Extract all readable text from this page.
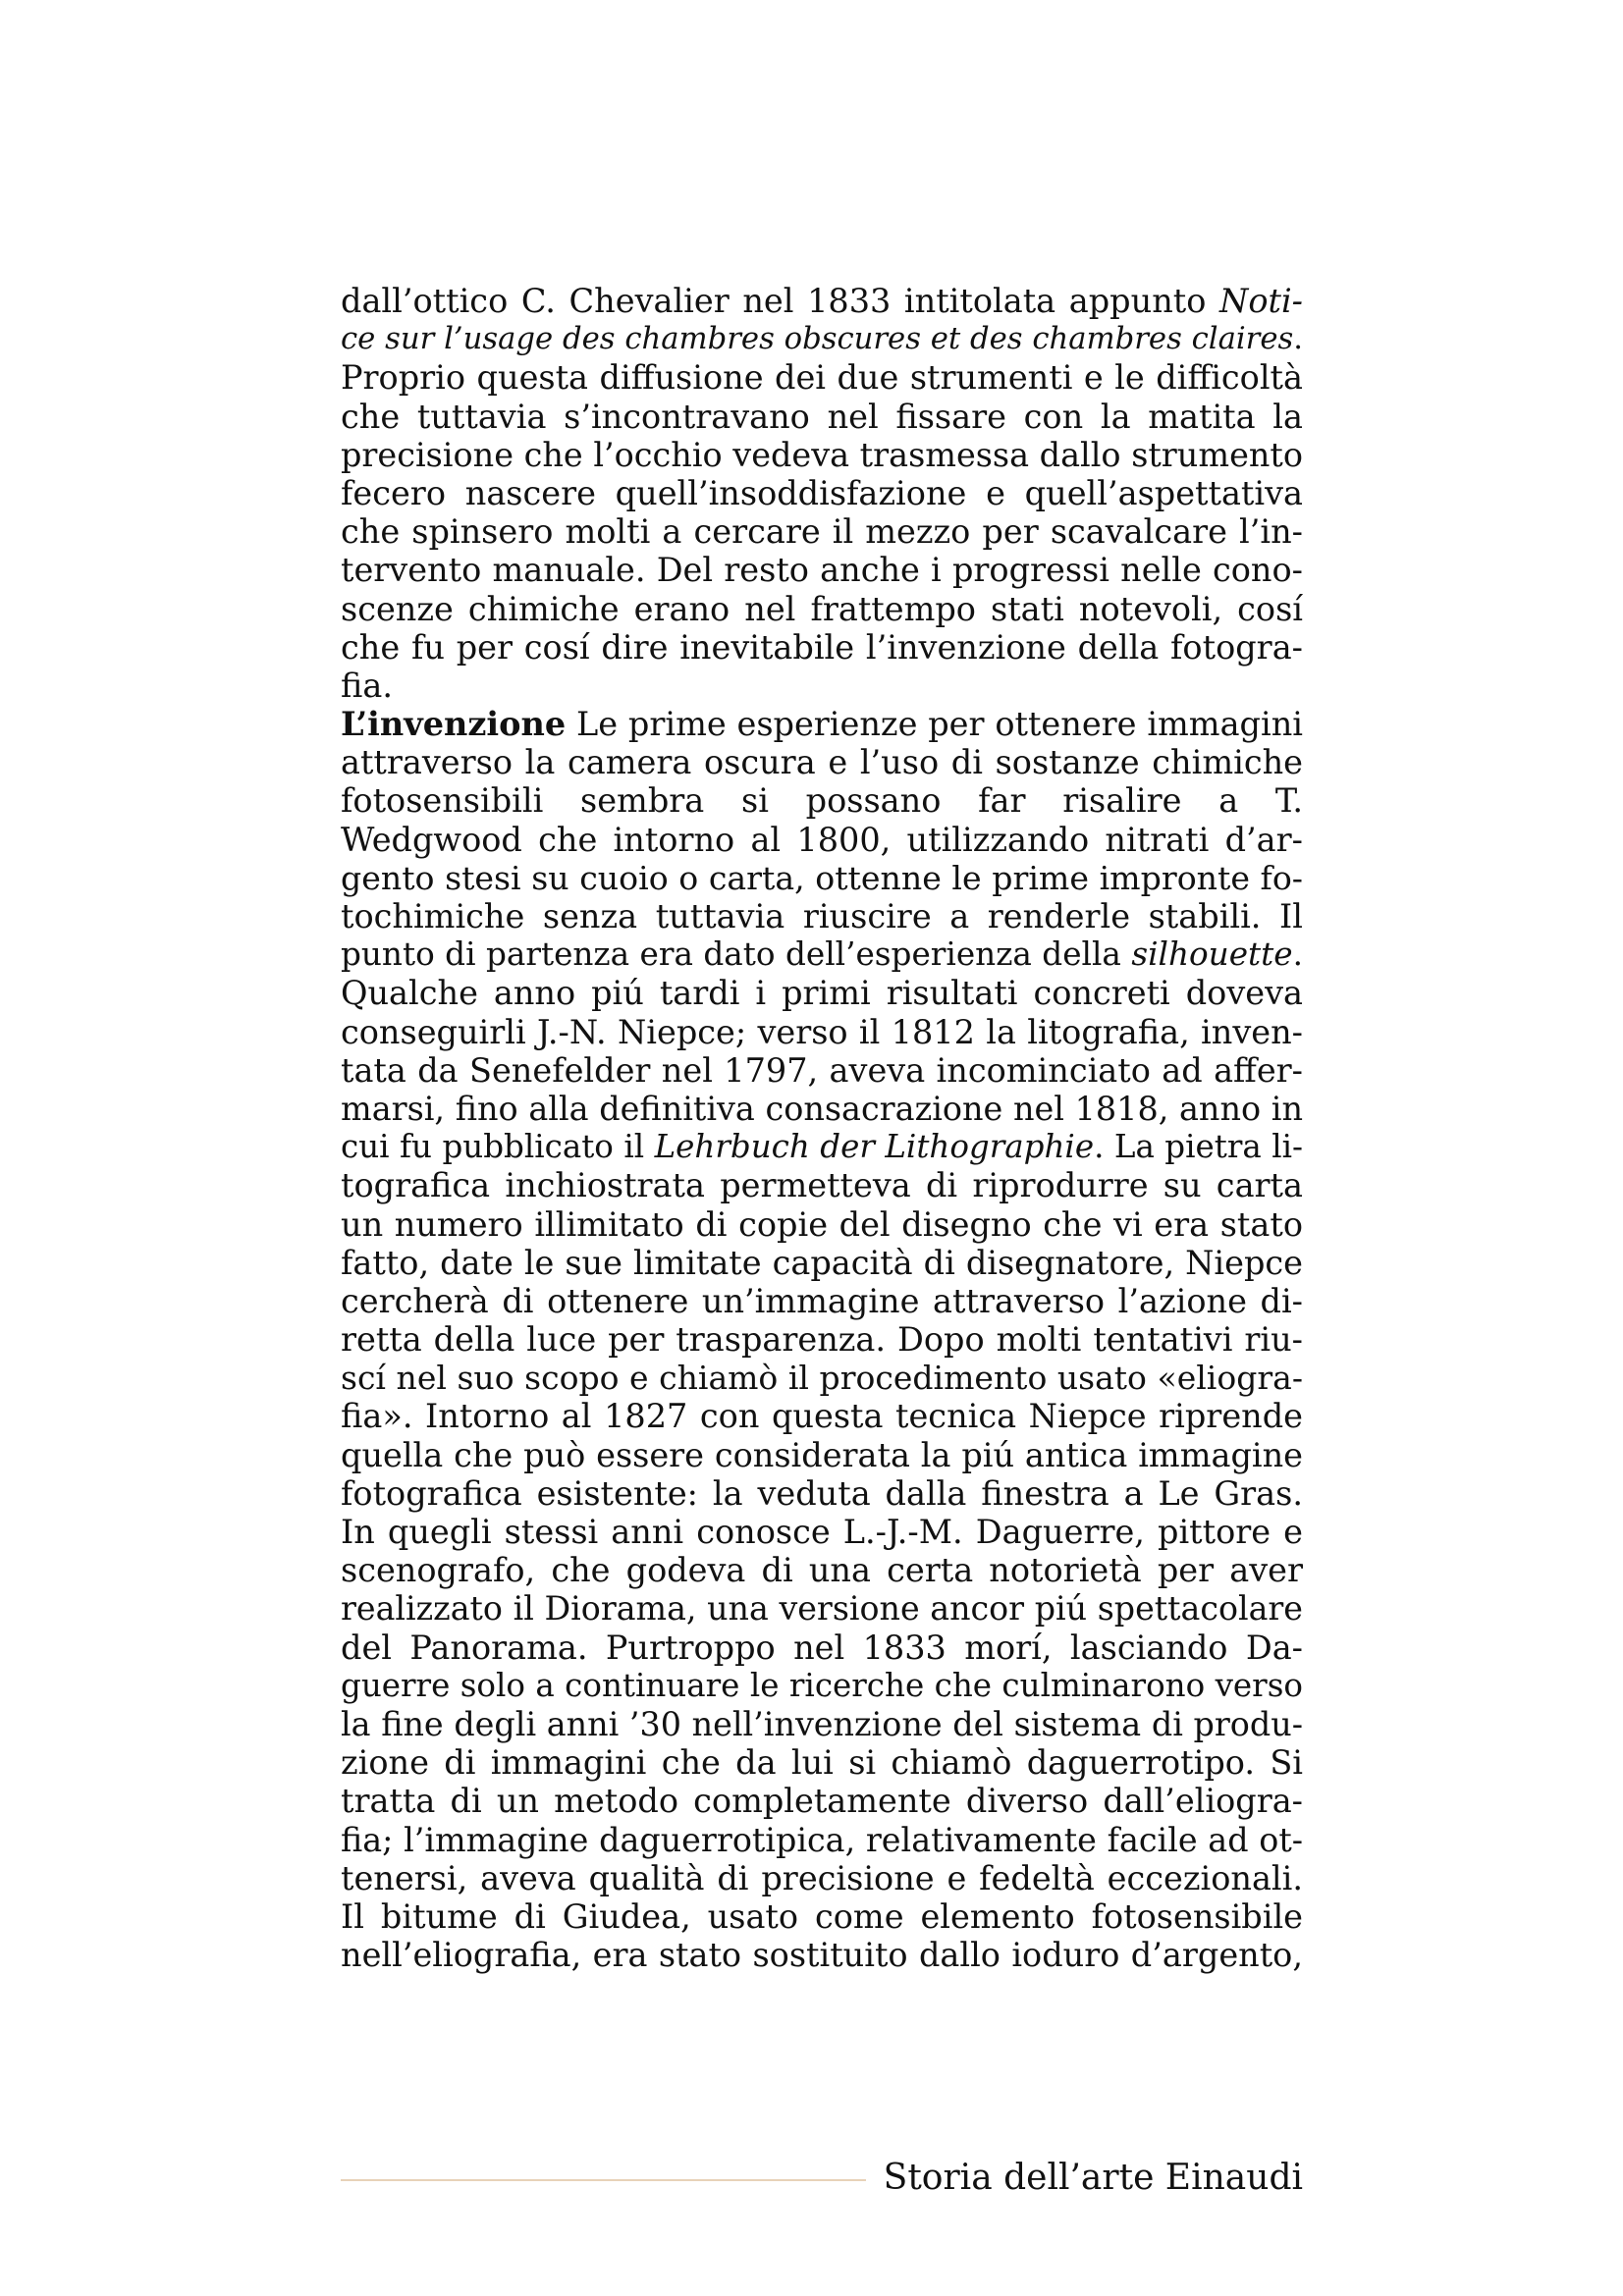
dall’ottico C. Chevalier nel 1833 intitolata appunto Noti-
ce sur l’usage des chambres obscures et des chambres claires.
Proprio questa diffusione dei due strumenti e le difficoltà
che tuttavia s’incontravano nel fissare con la matita la
precisione che l’occhio vedeva trasmessa dallo strumento
fecero nascere quell’insoddisfazione e quell’aspettativa
che spinsero molti a cercare il mezzo per scavalcare l’in-
tervento manuale. Del resto anche i progressi nelle cono-
scenze chimiche erano nel frattempo stati notevoli, cosí
che fu per cosí dire inevitabile l’invenzione della fotogra-
fia.
L’invenzione Le prime esperienze per ottenere immagini
attraverso la camera oscura e l’uso di sostanze chimiche
fotosensibili sembra si possano far risalire a T.
Wedgwood che intorno al 1800, utilizzando nitrati d’ar-
gento stesi su cuoio o carta, ottenne le prime impronte fo-
tochimiche senza tuttavia riuscire a renderle stabili. Il
punto di partenza era dato dell’esperienza della silhouette.
Qualche anno piú tardi i primi risultati concreti doveva
conseguirli J.-N. Niepce; verso il 1812 la litografia, inven-
tata da Senefelder nel 1797, aveva incominciato ad affer-
marsi, fino alla definitiva consacrazione nel 1818, anno in
cui fu pubblicato il Lehrbuch der Lithographie. La pietra li-
tografica inchiostrata permetteva di riprodurre su carta
un numero illimitato di copie del disegno che vi era stato
fatto, date le sue limitate capacità di disegnatore, Niepce
cercherà di ottenere un’immagine attraverso l’azione di-
retta della luce per trasparenza. Dopo molti tentativi riu-
scí nel suo scopo e chiamò il procedimento usato «eliogra-
fia». Intorno al 1827 con questa tecnica Niepce riprende
quella che può essere considerata la piú antica immagine
fotografica esistente: la veduta dalla finestra a Le Gras.
In quegli stessi anni conosce L.-J.-M. Daguerre, pittore e
scenografo, che godeva di una certa notorietà per aver
realizzato il Diorama, una versione ancor piú spettacolare
del Panorama. Purtroppo nel 1833 morí, lasciando Da-
guerre solo a continuare le ricerche che culminarono verso
la fine degli anni ’30 nell’invenzione del sistema di produ-
zione di immagini che da lui si chiamò daguerrotipo. Si
tratta di un metodo completamente diverso dall’eliogra-
fia; l’immagine daguerrotipica, relativamente facile ad ot-
tenersi, aveva qualità di precisione e fedeltà eccezionali.
Il bitume di Giudea, usato come elemento fotosensibile
nell’eliografia, era stato sostituito dallo ioduro d’argento,
Storia dell’arte Einaudi
